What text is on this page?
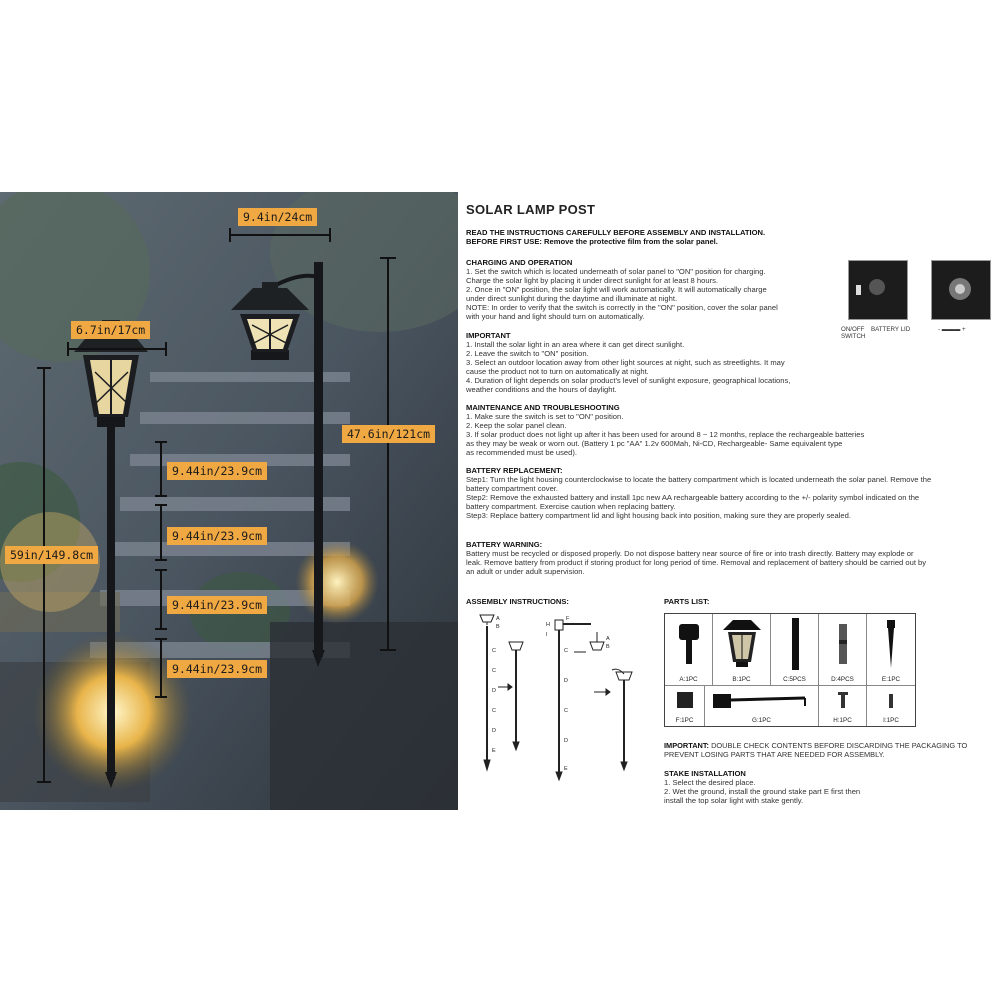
9.4in/24cm
6.7in/17cm
47.6in/121cm
59in/149.8cm
9.44in/23.9cm
9.44in/23.9cm
9.44in/23.9cm
9.44in/23.9cm
SOLAR LAMP POST
READ THE INSTRUCTIONS CAREFULLY BEFORE ASSEMBLY AND INSTALLATION.
BEFORE FIRST USE: Remove the protective film from the solar panel.
CHARGING AND OPERATION
1. Set the switch which is located underneath of solar panel to "ON" position for charging.
Charge the solar light by placing it under direct sunlight for at least 8 hours.
2. Once in "ON" position, the solar light will work automatically. It will automatically charge
under direct sunlight during the daytime and illuminate at night.
NOTE: In order to verify that the switch is correctly in the "ON" position, cover the solar panel
with your hand and light should turn on automatically.
ON/OFF
SWITCH
BATTERY LID	- ▬▬▬ +
IMPORTANT
1. Install the solar light in an area where it can get direct sunlight.
2. Leave the switch to "ON" position.
3. Select an outdoor location away from other light sources at night, such as streetlights. It may
cause the product not to turn on automatically at night.
4. Duration of light depends on solar product's level of sunlight exposure, geographical locations,
weather conditions and the hours of daylight.
MAINTENANCE AND TROUBLESHOOTING
1. Make sure the switch is set to "ON" position.
2. Keep the solar panel clean.
3. If solar product does not light up after it has been used for around 8 ~ 12 months, replace the rechargeable batteries
as they may be weak or worn out. (Battery 1 pc "AA" 1.2v 600Mah, Ni-CD, Rechargeable- Same equivalent type
as recommended must be used).
BATTERY REPLACEMENT:
Step1: Turn the light housing counterclockwise to locate the battery compartment which is located underneath the solar panel. Remove the
battery compartment cover.
Step2: Remove the exhausted battery and install 1pc new AA rechargeable battery according to the +/- polarity symbol indicated on the
battery compartment. Exercise caution when replacing battery.
Step3: Replace battery compartment lid and light housing back into position, making sure they are properly sealed.
BATTERY WARNING:
Battery must be recycled or disposed properly. Do not dispose battery near source of fire or into trash directly. Battery may explode or
leak. Remove battery from product if storing product for long period of time. Removal and replacement of battery should be carried out by
an adult or under adult supervision.
ASSEMBLY INSTRUCTIONS:	PARTS LIST:
A
B
C
C
D
C
D
E
H
I
F
C
D
C
D
E
A
B
A:1PC	B:1PC	C:5PCS	D:4PCS	E:1PC
F:1PC	G:1PC	H:1PC	I:1PC
IMPORTANT: DOUBLE CHECK CONTENTS BEFORE DISCARDING THE PACKAGING TO
PREVENT LOSING PARTS THAT ARE NEEDED FOR ASSEMBLY.
STAKE INSTALLATION
1. Select the desired place.
2. Wet the ground, install the ground stake part E first then
install the top solar light with stake gently.
